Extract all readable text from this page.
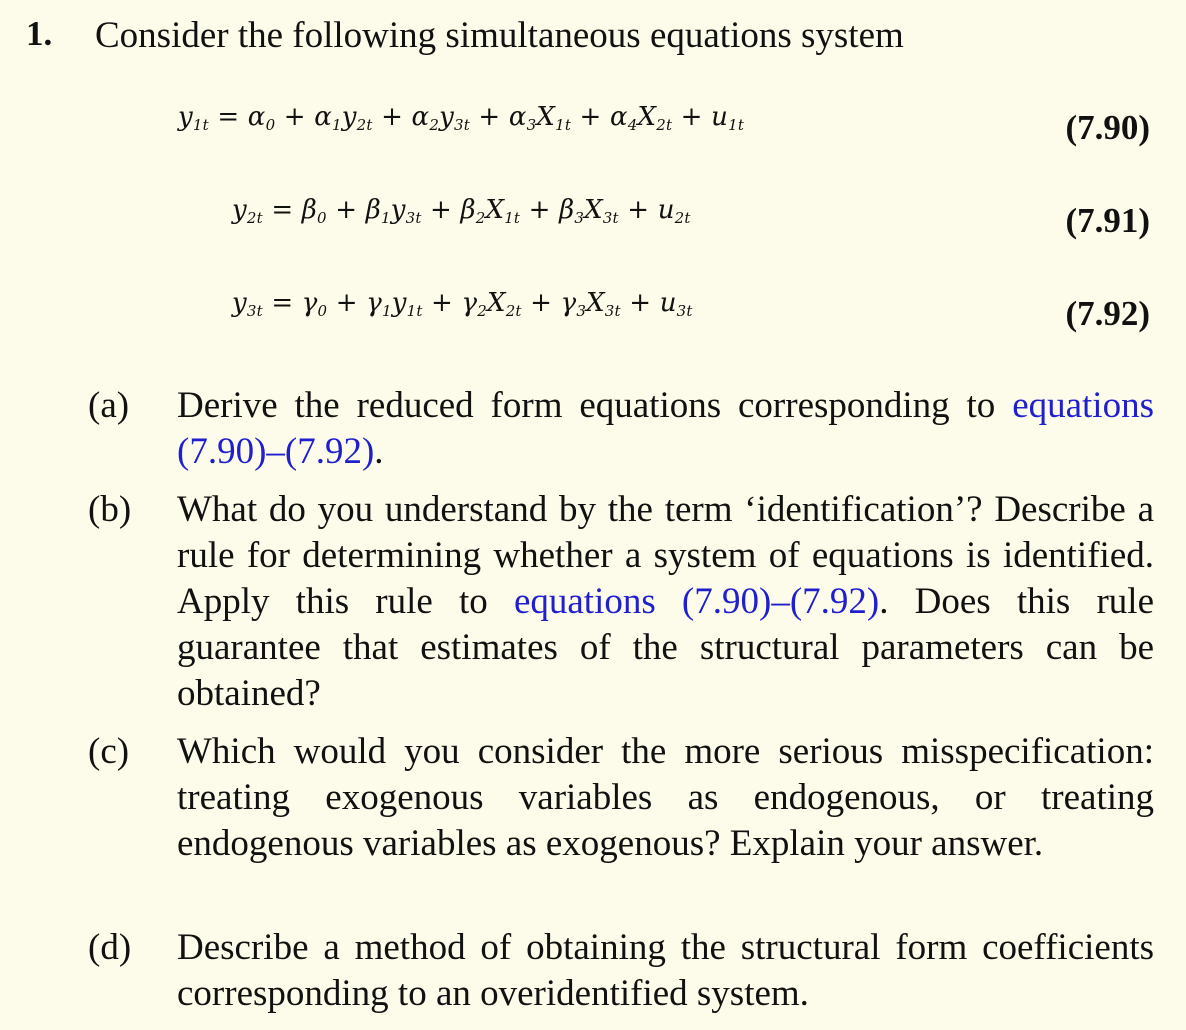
1. Consider the following simultaneous equations system
$y_{1t} = \alpha_0 + \alpha_1y_{2t} + \alpha_2y_{3t} + \alpha_3X_{1t} + \alpha_4X_{2t} + u_{1t}$	(7.90)
$y_{2t} = \beta_0 + \beta_1y_{3t} + \beta_2X_{1t} + \beta_3X_{3t} + u_{2t}$	(7.91)
$y_{3t} = \gamma_0 + \gamma_1y_{1t} + \gamma_2X_{2t} + \gamma_3X_{3t} + u_{3t}$	(7.92)
(a) Derive the reduced form equations corresponding to equations (7.90)–(7.92).
(b) What do you understand by the term ‘identification’? Describe a rule for determining whether a system of equations is identified. Apply this rule to equations (7.90)–(7.92). Does this rule guarantee that estimates of the structural parameters can be obtained?
(c) Which would you consider the more serious misspecification: treating exogenous variables as endogenous, or treating endogenous variables as exogenous? Explain your answer.
(d) Describe a method of obtaining the structural form coefficients corresponding to an overidentified system.
